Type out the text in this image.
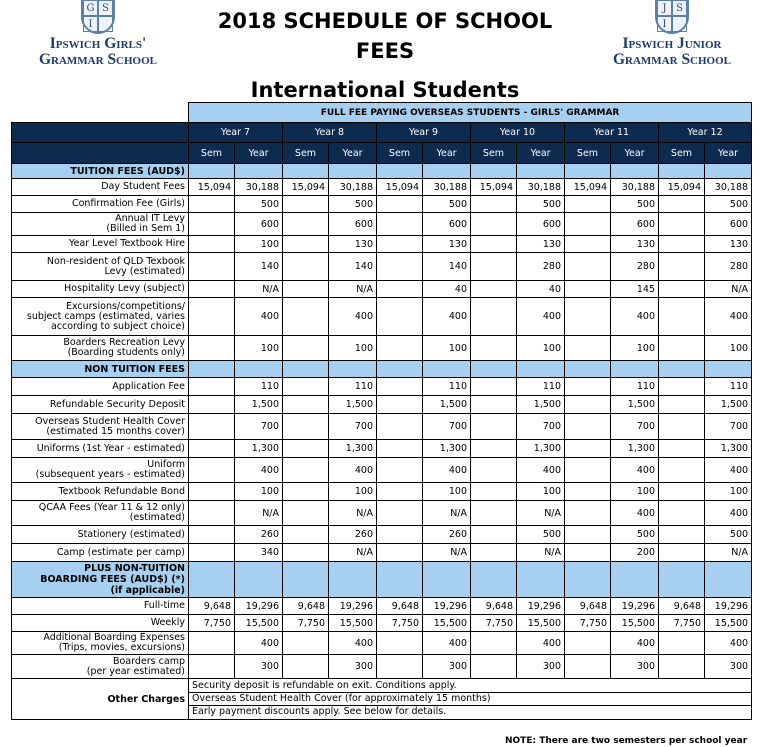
G S
I
Ipswich Girls'
Grammar School
2018 SCHEDULE OF SCHOOL FEES
International Students
J S
I
Ipswich Junior
Grammar School
	FULL FEE PAYING OVERSEAS STUDENTS - GIRLS' GRAMMAR											
	Year 7		Year 8		Year 9		Year 10		Year 11		Year 12	
	Sem	Year	Sem	Year	Sem	Year	Sem	Year	Sem	Year	Sem	Year
TUITION FEES (AUD$)												

Day Student Fees	15,094	30,188	15,094	30,188	15,094	30,188	15,094	30,188	15,094	30,188	15,094	30,188

Confirmation Fee (Girls)		500		500		500		500		500		500

Annual IT Levy
(Billed in Sem 1)		600		600		600		600		600		600

Year Level Textbook Hire		100		130		130		130		130		130

Non-resident of QLD Texbook
Levy (estimated)		140		140		140		280		280		280

Hospitality Levy (subject)		N/A		N/A		40		40		145		N/A

Excursions/competitions/
subject camps (estimated, varies
according to subject choice)		400		400		400		400		400		400

Boarders Recreation Levy
(Boarding students only)		100		100		100		100		100		100
NON TUITION FEES												

Application Fee		110		110		110		110		110		110

Refundable Security Deposit		1,500		1,500		1,500		1,500		1,500		1,500

Overseas Student Health Cover
(estimated 15 months cover)		700		700		700		700		700		700

Uniforms (1st Year - estimated)		1,300		1,300		1,300		1,300		1,300		1,300

Uniform
(subsequent years - estimated)		400		400		400		400		400		400

Textbook Refundable Bond		100		100		100		100		100		100

QCAA Fees (Year 11 & 12 only)
(estimated)		N/A		N/A		N/A		N/A		400		400

Stationery (estimated)		260		260		260		500		500		500

Camp (estimate per camp)		340		N/A		N/A		N/A		200		N/A

PLUS NON-TUITION
BOARDING FEES (AUD$) (*)
(if applicable)												

Full-time	9,648	19,296	9,648	19,296	9,648	19,296	9,648	19,296	9,648	19,296	9,648	19,296

Weekly	7,750	15,500	7,750	15,500	7,750	15,500	7,750	15,500	7,750	15,500	7,750	15,500

Additional Boarding Expenses
(Trips, movies, excursions)		400		400		400		400		400		400

Boarders camp
(per year estimated)		300		300		300		300		300		300
Other Charges	Security deposit is refundable on exit. Conditions apply.
Overseas Student Health Cover (for approximately 15 months)
Early payment discounts apply. See below for details.											
NOTE: There are two semesters per school year
